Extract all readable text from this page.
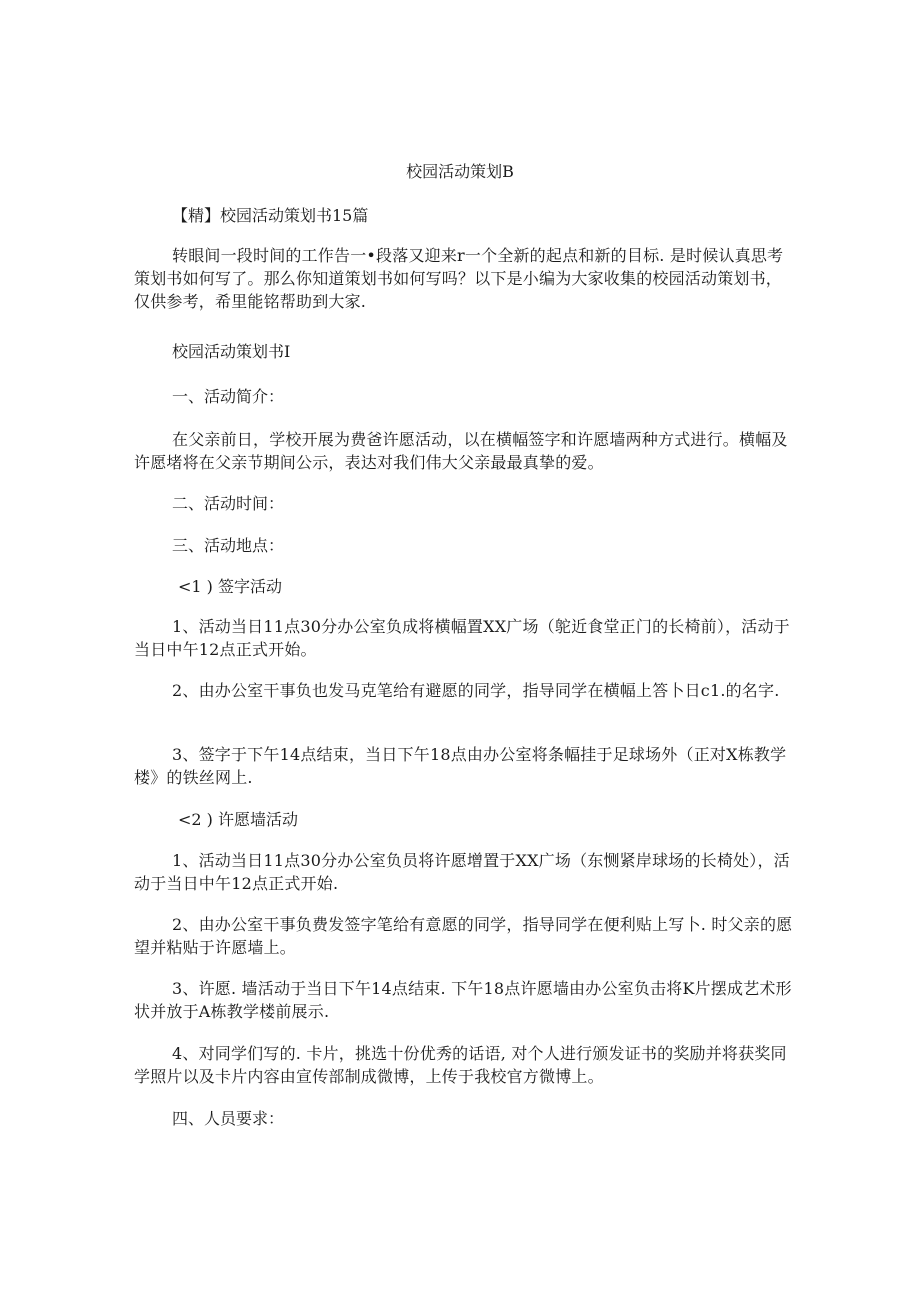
校园活动策划B
【精】校园活动策划书15篇
转眼间一段时间的工作告一•段落又迎来r一个全新的起点和新的目标. 是时候认真思考策划书如何写了。那么你知道策划书如何写吗？以下是小编为大家收集的校园活动策划书，仅供参考，希里能铭帮助到大家.
校园活动策划书I
一、活动简介：
在父亲前日，学校开展为费爸许愿活动，以在横幅签字和许愿墙两种方式进行。横幅及许愿堵将在父亲节期间公示，表达对我们伟大父亲最最真挚的爱。
二、活动时间：
三、活动地点：
<1 ) 签字活动
1、活动当日11点30分办公室负成将横幅置XX广场（鸵近食堂正门的长椅前），活动于当日中午12点正式开始。
2、由办公室干事负也发马克笔给有避愿的同学，指导同学在横幅上答卜日c1.的名字.
3、签字于下午14点结束，当日下午18点由办公室将条幅挂于足球场外（正对X栋教学楼》的铁丝网上.
<2 ) 许愿墙活动
1、活动当日11点30分办公室负员将许愿增置于XX广场（东恻紧岸球场的长椅处），活动于当日中午12点正式开始.
2、由办公室干事负费发签字笔给有意愿的同学，指导同学在便利贴上写卜. 时父亲的愿望并粘贴于许愿墙上。
3、许愿. 墙活动于当日下午14点结束. 下午18点许愿墙由办公室负击将K片摆成艺术形状并放于A栋教学楼前展示.
4、对同学们写的. 卡片，挑选十份优秀的话语, 对个人进行颁发证书的奖励并将获奖同学照片以及卡片内容由宣传部制成微博，上传于我校官方微博上。
四、人员要求：
